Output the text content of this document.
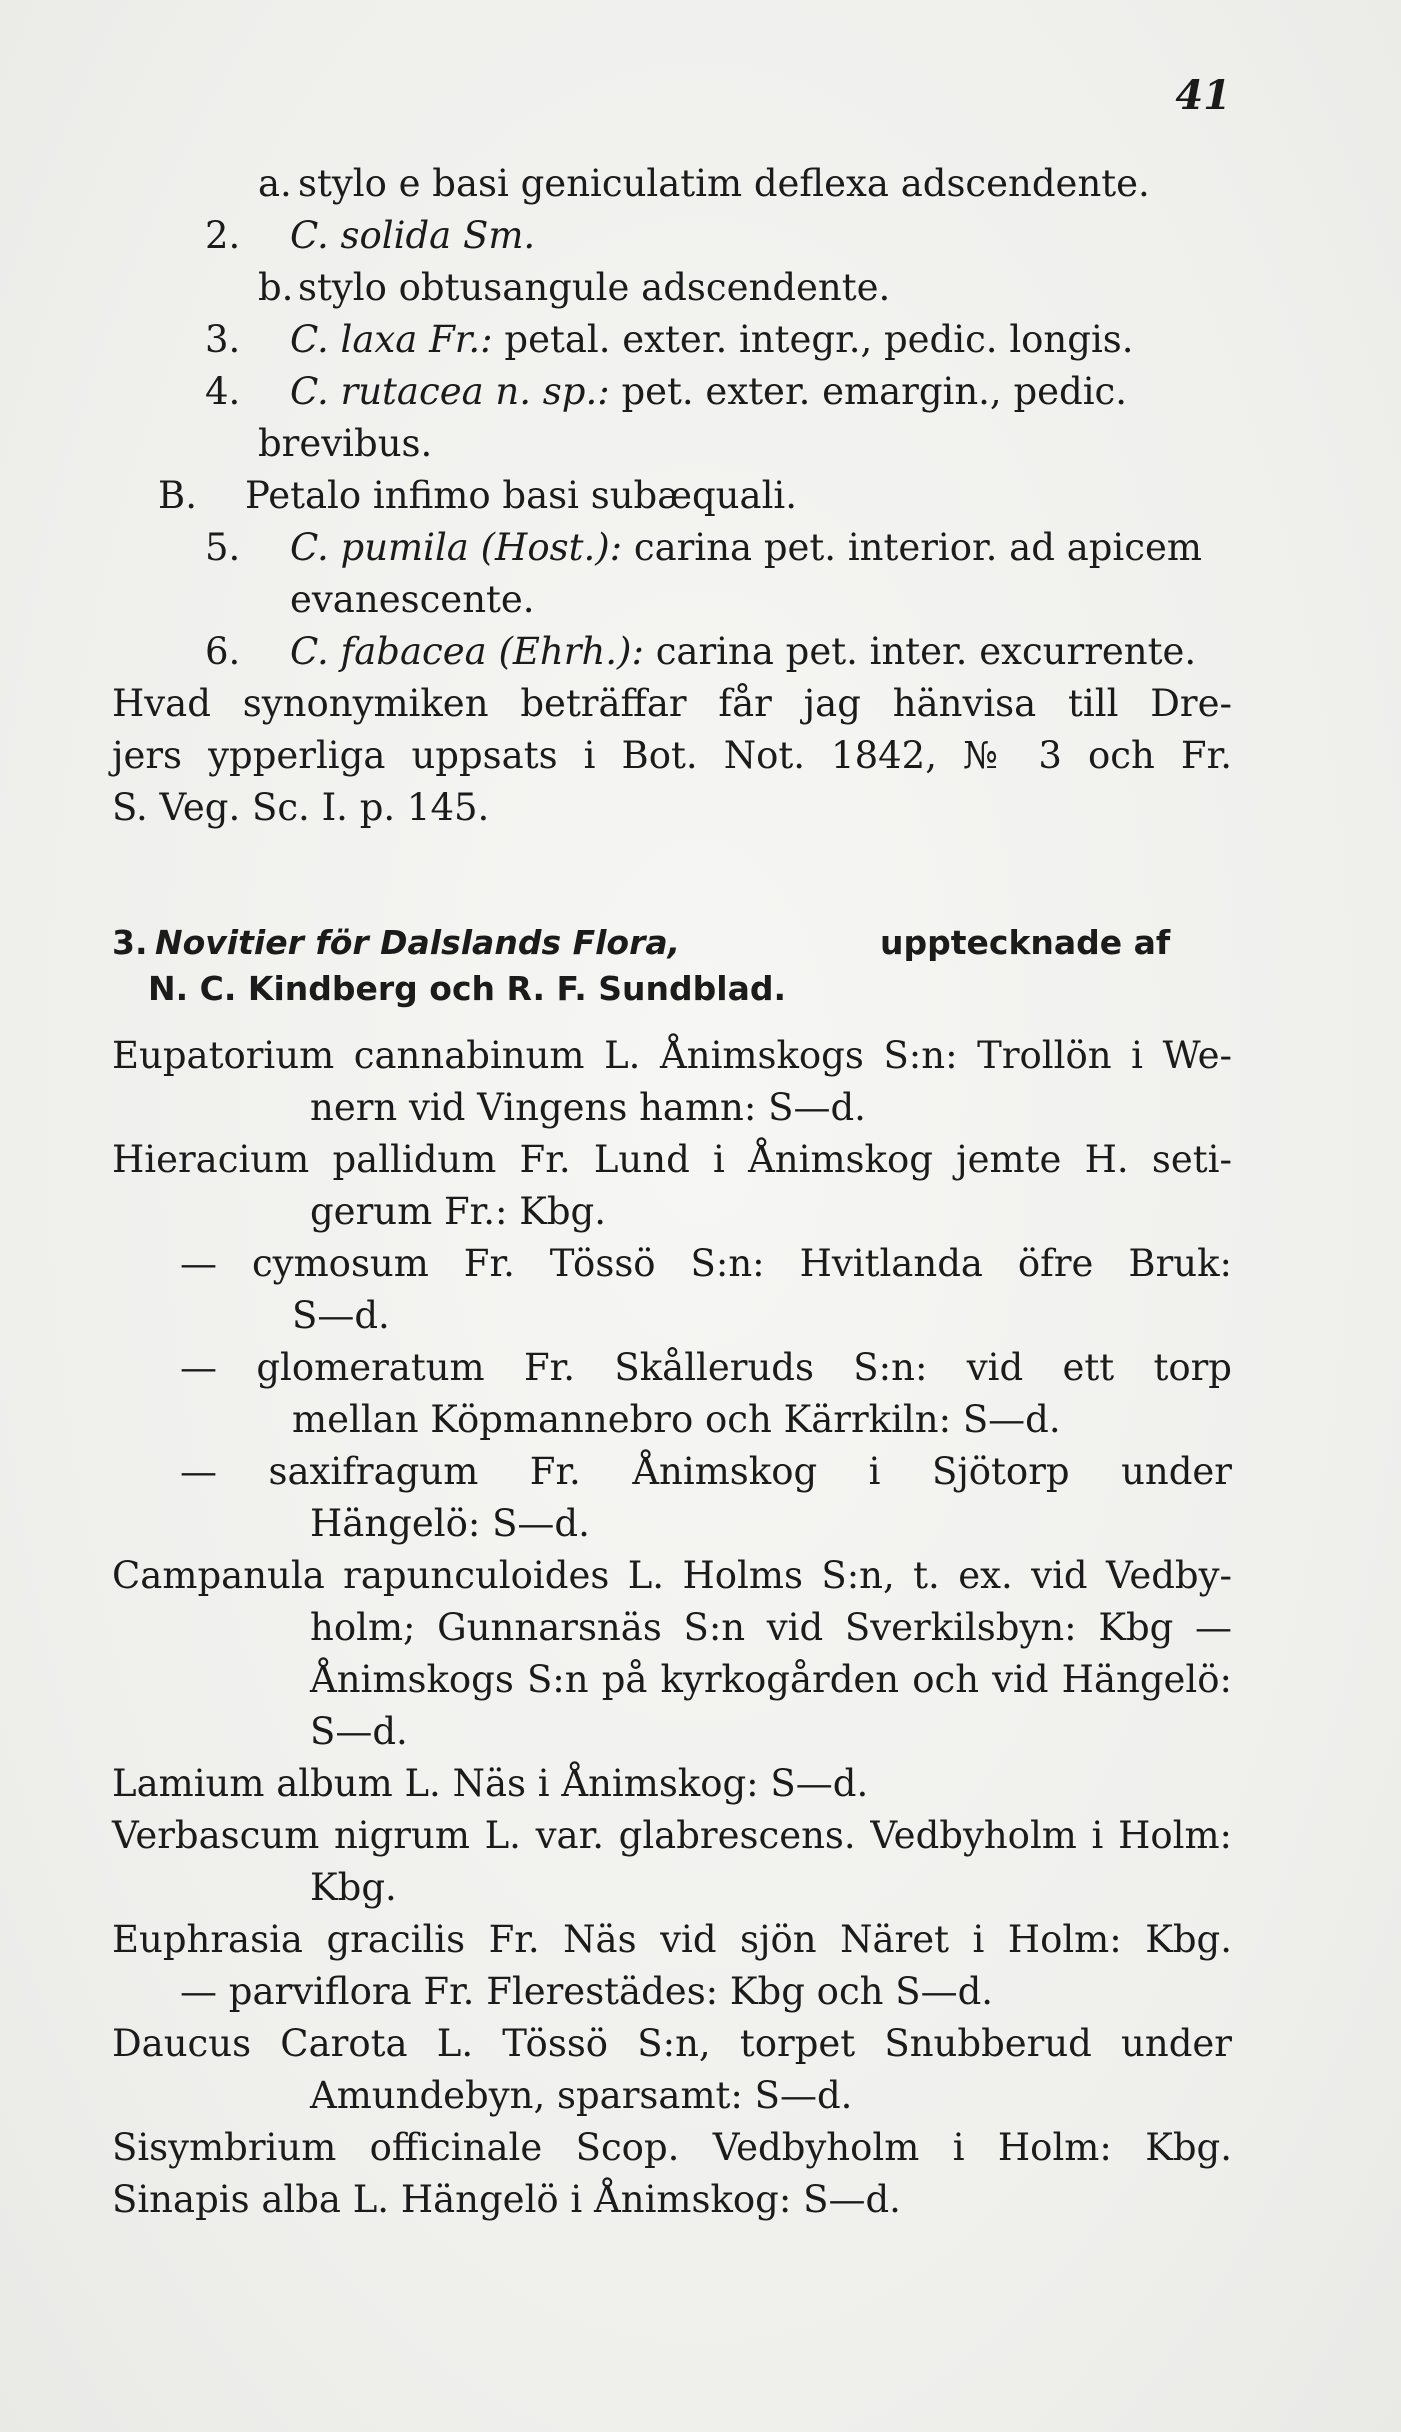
41
a. stylo e basi geniculatim deflexa adscendente.
2. C. solida Sm.
b. stylo obtusangule adscendente.
3. C. laxa Fr.: petal. exter. integr., pedic. longis.
4. C. rutacea n. sp.: pet. exter. emargin., pedic.
brevibus.
B. Petalo infimo basi subæquali.
5. C. pumila (Host.): carina pet. interior. ad apicem
evanescente.
6. C. fabacea (Ehrh.): carina pet. inter. excurrente.
Hvad synonymiken beträffar får jag hänvisa till Dre-
jers ypperliga uppsats i Bot. Not. 1842, № 3 och Fr.
S. Veg. Sc. I. p. 145.
3. Novitier för Dalslands Flora,	upptecknade af
N. C. Kindberg och R. F. Sundblad.
Eupatorium cannabinum L. Ånimskogs S:n: Trollön i We-
nern vid Vingens hamn: S—d.
Hieracium pallidum Fr. Lund i Ånimskog jemte H. seti-
gerum Fr.: Kbg.
— cymosum Fr. Tössö S:n: Hvitlanda öfre Bruk:
S—d.
— glomeratum Fr. Skålleruds S:n: vid ett torp
mellan Köpmannebro och Kärrkiln: S—d.
— saxifragum Fr. Ånimskog i Sjötorp under
Hängelö: S—d.
Campanula rapunculoides L. Holms S:n, t. ex. vid Vedby-
holm; Gunnarsnäs S:n vid Sverkilsbyn: Kbg —
Ånimskogs S:n på kyrkogården och vid Hängelö:
S—d.
Lamium album L. Näs i Ånimskog: S—d.
Verbascum nigrum L. var. glabrescens. Vedbyholm i Holm:
Kbg.
Euphrasia gracilis Fr. Näs vid sjön Näret i Holm: Kbg.
— parviflora Fr. Flerestädes: Kbg och S—d.
Daucus Carota L. Tössö S:n, torpet Snubberud under
Amundebyn, sparsamt: S—d.
Sisymbrium officinale Scop. Vedbyholm i Holm: Kbg.
Sinapis alba L. Hängelö i Ånimskog: S—d.
